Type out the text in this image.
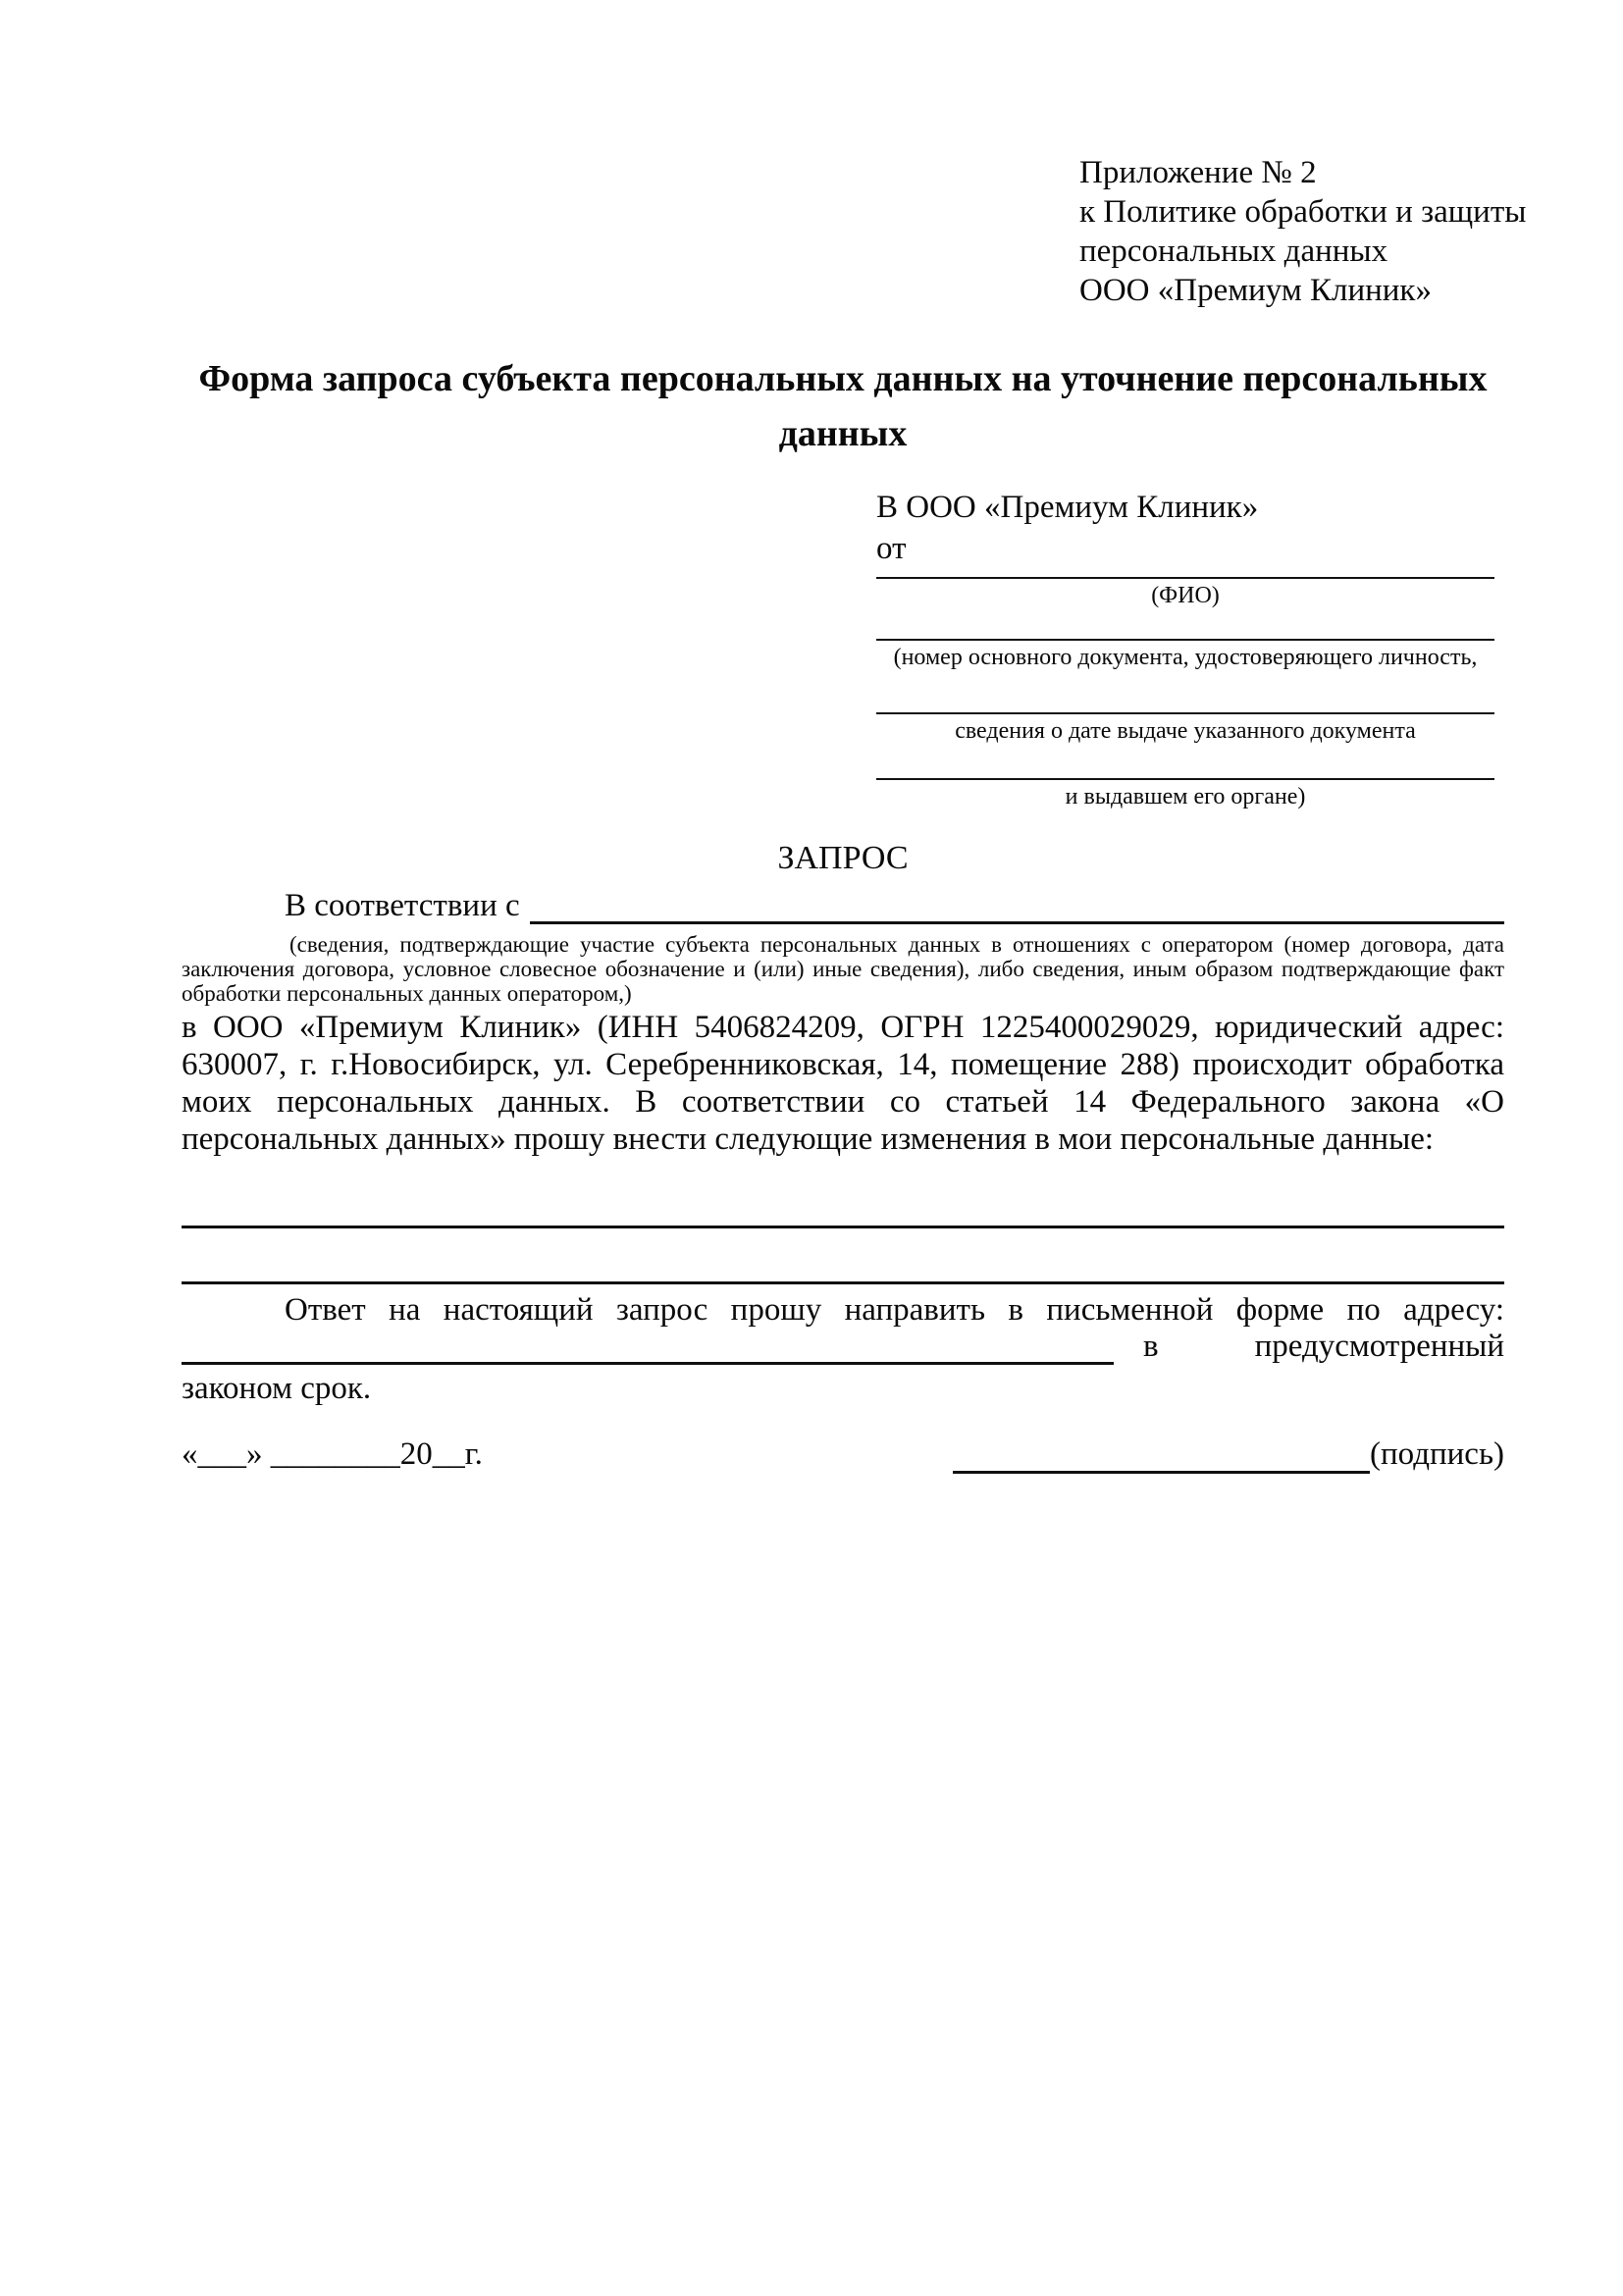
Приложение № 2
к Политике обработки и защиты
персональных данных
ООО «Премиум Клиник»
Форма запроса субъекта персональных данных на уточнение персональных данных
В ООО «Премиум Клиник»
от
(ФИО)
(номер основного документа, удостоверяющего личность,
сведения о дате выдаче указанного документа
и выдавшем его органе)
ЗАПРОС
В соответствии с
(сведения, подтверждающие участие субъекта персональных данных в отношениях с оператором (номер договора, дата заключения договора, условное словесное обозначение и (или) иные сведения), либо сведения, иным образом подтверждающие факт обработки персональных данных оператором,)
в ООО «Премиум Клиник» (ИНН 5406824209, ОГРН 1225400029029, юридический адрес: 630007, г. г.Новосибирск, ул. Серебренниковская, 14, помещение 288) происходит обработка моих персональных данных. В соответствии со статьей 14 Федерального закона «О персональных данных» прошу внести следующие изменения в мои персональные данные:
Ответ на настоящий запрос прошу направить в письменной форме по адресу:
в	предусмотренный
законом срок.
«___» ________20__г.	(подпись)
